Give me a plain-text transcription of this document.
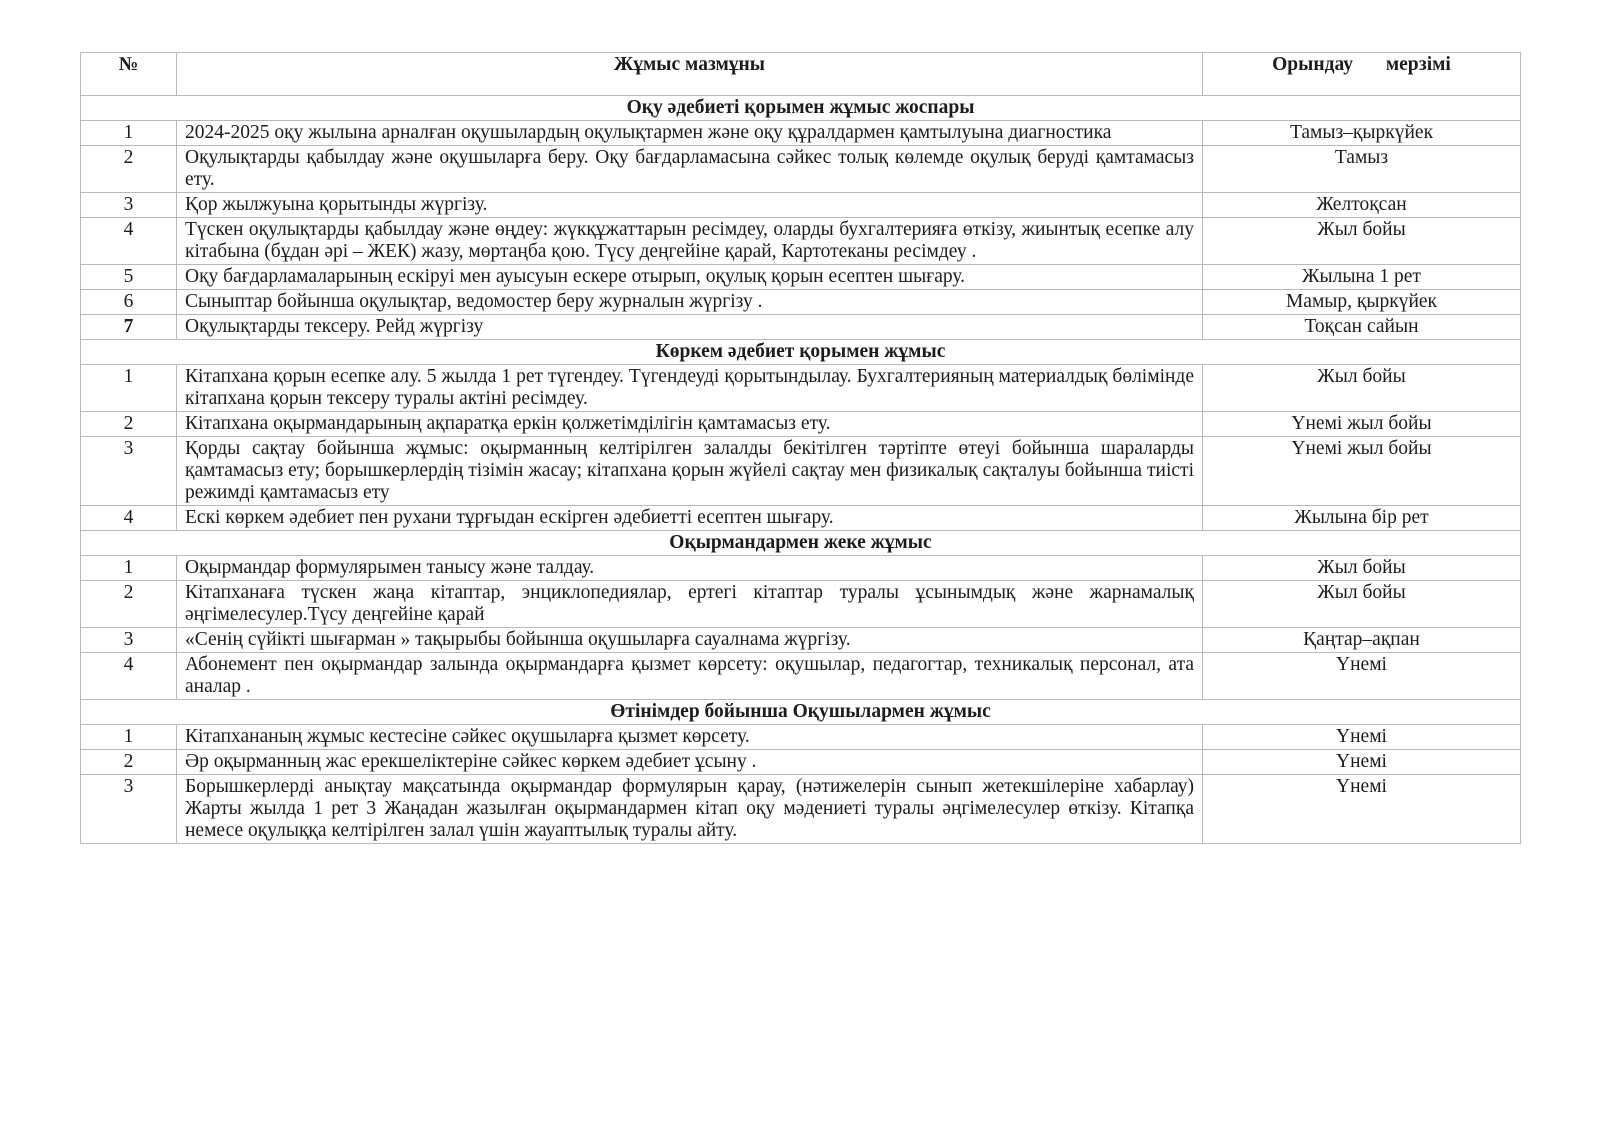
№	Жұмыс мазмұны	Орындау мерзімі
Оқу әдебиеті қорымен жұмыс жоспары		
1	2024-2025 оқу жылына арналған оқушылардың оқулықтармен және оқу құралдармен қамтылуына диагностика	Тамыз–қыркүйек
2	Оқулықтарды қабылдау және оқушыларға беру. Оқу бағдарламасына сәйкес толық көлемде оқулық беруді қамтамасыз ету.	Тамыз
3	Қор жылжуына қорытынды жүргізу.	Желтоқсан
4	Түскен оқулықтарды қабылдау және өңдеу: жүкқұжаттарын ресімдеу, оларды бухгалтерияға өткізу, жиынтық есепке алу кітабына (бұдан әрі – ЖЕК) жазу, мөртаңба қою. Түсу деңгейіне қарай, Картотеканы ресімдеу .	Жыл бойы
5	Оқу бағдарламаларының ескіруі мен ауысуын ескере отырып, оқулық қорын есептен шығару.	Жылына 1 рет
6	Сыныптар бойынша оқулықтар, ведомостер беру журналын жүргізу .	Мамыр, қыркүйек
7	Оқулықтарды тексеру. Рейд жүргізу	Тоқсан сайын
Көркем әдебиет қорымен жұмыс		
1	Кітапхана қорын есепке алу. 5 жылда 1 рет түгендеу. Түгендеуді қорытындылау. Бухгалтерияның материалдық бөлімінде кітапхана қорын тексеру туралы актіні ресімдеу.	Жыл бойы
2	Кітапхана оқырмандарының ақпаратқа еркін қолжетімділігін қамтамасыз ету.	Үнемі жыл бойы
3	Қорды сақтау бойынша жұмыс: оқырманның келтірілген залалды бекітілген тәртіпте өтеуі бойынша шараларды қамтамасыз ету; борышкерлердің тізімін жасау; кітапхана қорын жүйелі сақтау мен физикалық сақталуы бойынша тиісті режимді қамтамасыз ету	Үнемі жыл бойы
4	Ескі көркем әдебиет пен рухани тұрғыдан ескірген әдебиетті есептен шығару.	Жылына бір рет
Оқырмандармен жеке жұмыс		
1	Оқырмандар формулярымен танысу және талдау.	Жыл бойы
2	Кітапханаға түскен жаңа кітаптар, энциклопедиялар, ертегі кітаптар туралы ұсынымдық және жарнамалық әңгімелесулер.Түсу деңгейіне қарай	Жыл бойы
3	«Сенің сүйікті шығарман » тақырыбы бойынша оқушыларға сауалнама жүргізу.	Қаңтар–ақпан
4	Абонемент пен оқырмандар залында оқырмандарға қызмет көрсету: оқушылар, педагогтар, техникалық персонал, ата аналар .	Үнемі
Өтінімдер бойынша Оқушылармен жұмыс		
1	Кітапхананың жұмыс кестесіне сәйкес оқушыларға қызмет көрсету.	Үнемі
2	Әр оқырманның жас ерекшеліктеріне сәйкес көркем әдебиет ұсыну .	Үнемі
3	Борышкерлерді анықтау мақсатында оқырмандар формулярын қарау, (нәтижелерін сынып жетекшілеріне хабарлау) Жарты жылда 1 рет 3 Жаңадан жазылған оқырмандармен кітап оқу мәдениеті туралы әңгімелесулер өткізу. Кітапқа немесе оқулыққа келтірілген залал үшін жауаптылық туралы айту.	Үнемі
